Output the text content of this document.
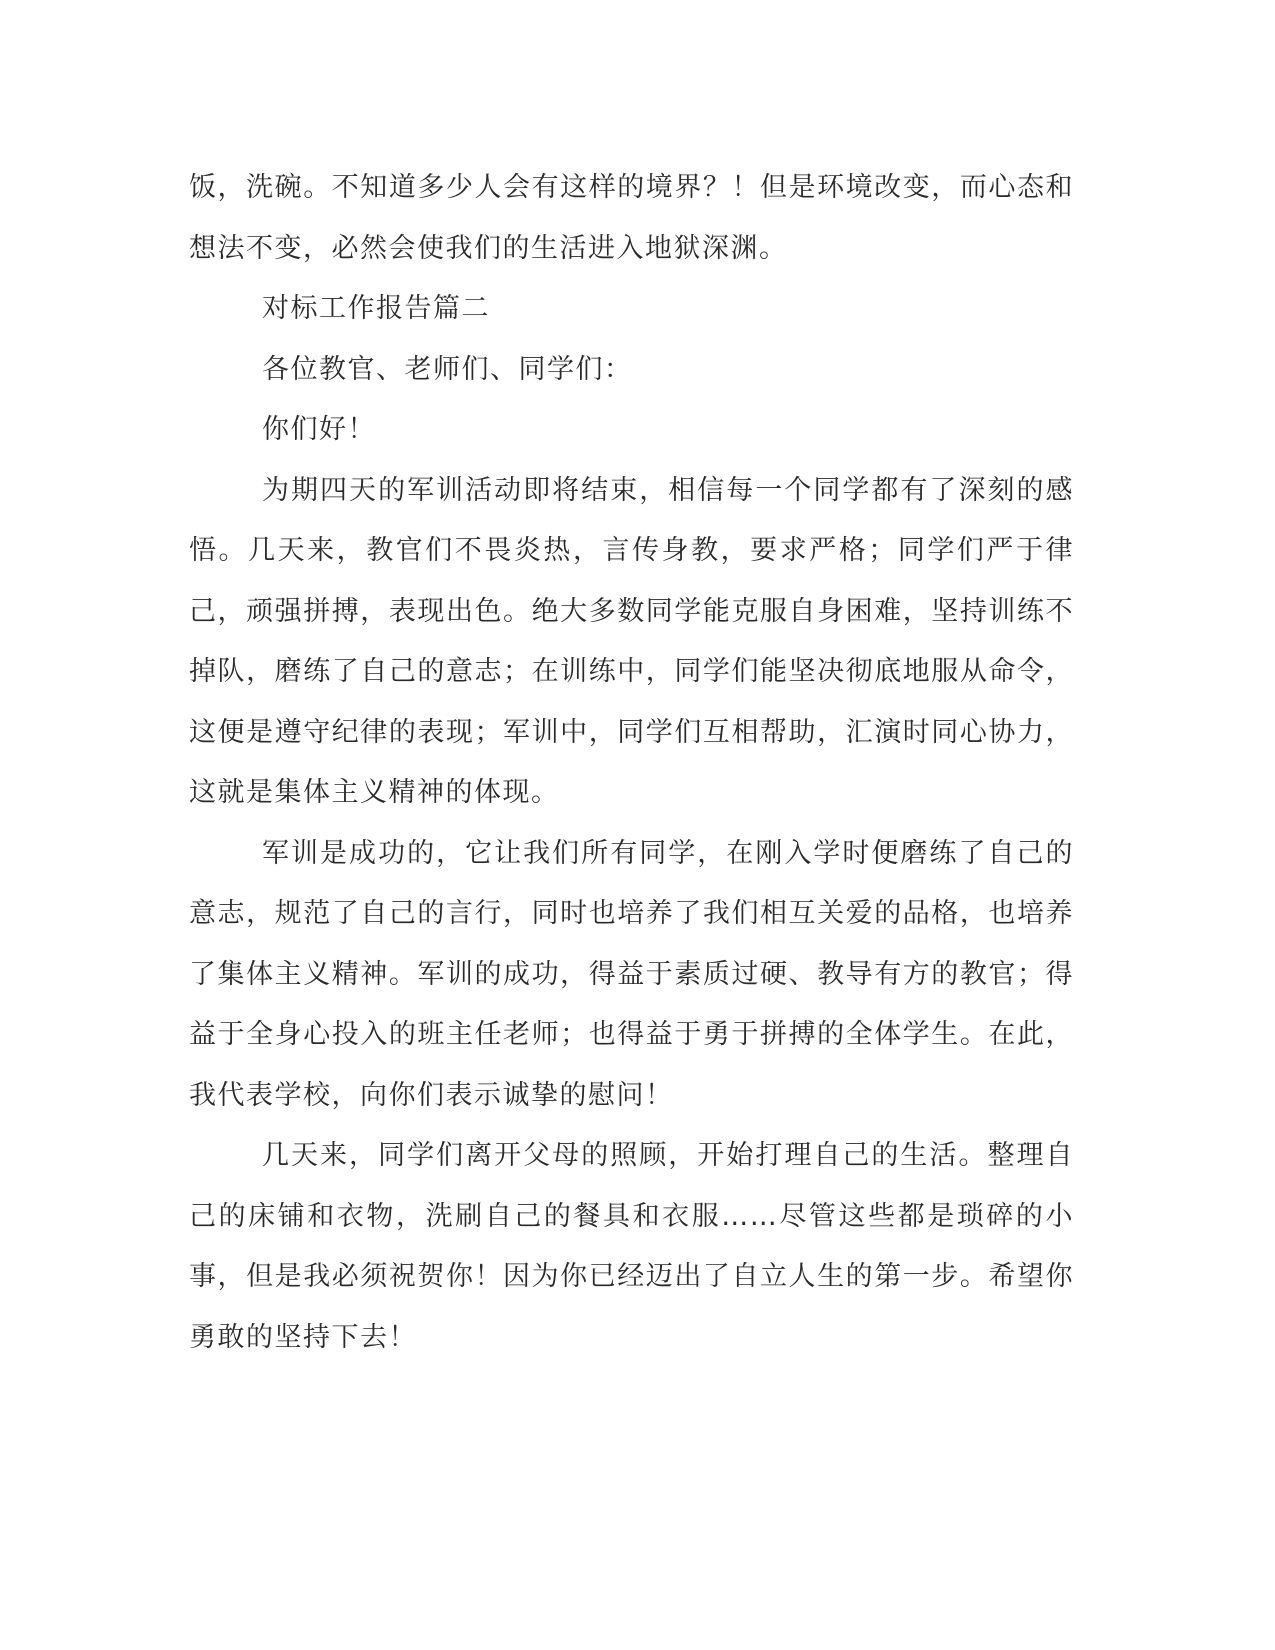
饭，洗碗。不知道多少人会有这样的境界？！但是环境改变，而心态和想法不变，必然会使我们的生活进入地狱深渊。

对标工作报告篇二

各位教官、老师们、同学们：

你们好！

为期四天的军训活动即将结束，相信每一个同学都有了深刻的感悟。几天来，教官们不畏炎热，言传身教，要求严格；同学们严于律己，顽强拼搏，表现出色。绝大多数同学能克服自身困难，坚持训练不掉队，磨练了自己的意志；在训练中，同学们能坚决彻底地服从命令，这便是遵守纪律的表现；军训中，同学们互相帮助，汇演时同心协力，这就是集体主义精神的体现。

军训是成功的，它让我们所有同学，在刚入学时便磨练了自己的意志，规范了自己的言行，同时也培养了我们相互关爱的品格，也培养了集体主义精神。军训的成功，得益于素质过硬、教导有方的教官；得益于全身心投入的班主任老师；也得益于勇于拼搏的全体学生。在此，我代表学校，向你们表示诚挚的慰问！

几天来，同学们离开父母的照顾，开始打理自己的生活。整理自己的床铺和衣物，洗刷自己的餐具和衣服……尽管这些都是琐碎的小事，但是我必须祝贺你！因为你已经迈出了自立人生的第一步。希望你勇敢的坚持下去！
